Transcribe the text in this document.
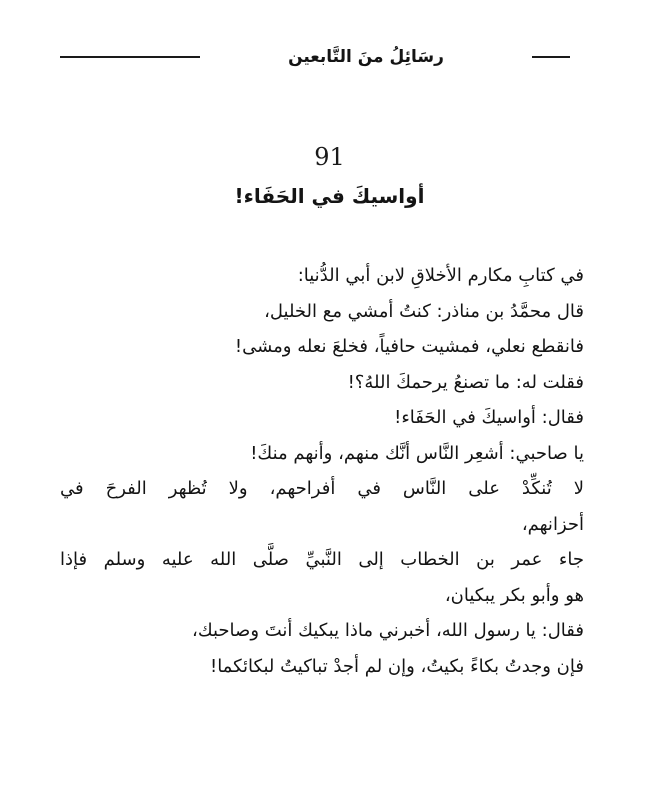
رسَائِلُ منَ التَّابعين
91
أواسيكَ في الحَفَاء!
في كتابِ مكارم الأخلاقِ لابن أبي الدُّنيا:
قال محمَّدُ بن مناذر: كنتُ أمشي مع الخليل،
فانقطع نعلي، فمشيت حافياً، فخلعَ نعله ومشى!
فقلت له: ما تصنعُ يرحمكَ اللهُ؟!
فقال: أواسيكَ في الحَفَاء!
يا صاحبي: أشعِر النَّاس أنَّك منهم، وأنهم منكَ!
لا تُنكِّدْ على النَّاس في أفراحهم، ولا تُظهر الفرحَ في
أحزانهم،
جاء عمر بن الخطاب إلى النَّبيِّ صلَّى الله عليه وسلم فإذا
هو وأبو بكر يبكيان،
فقال: يا رسول الله، أخبرني ماذا يبكيك أنتَ وصاحبك،
فإن وجدتُ بكاءً بكيتُ، وإن لم أجدْ تباكيتُ لبكائكما!
